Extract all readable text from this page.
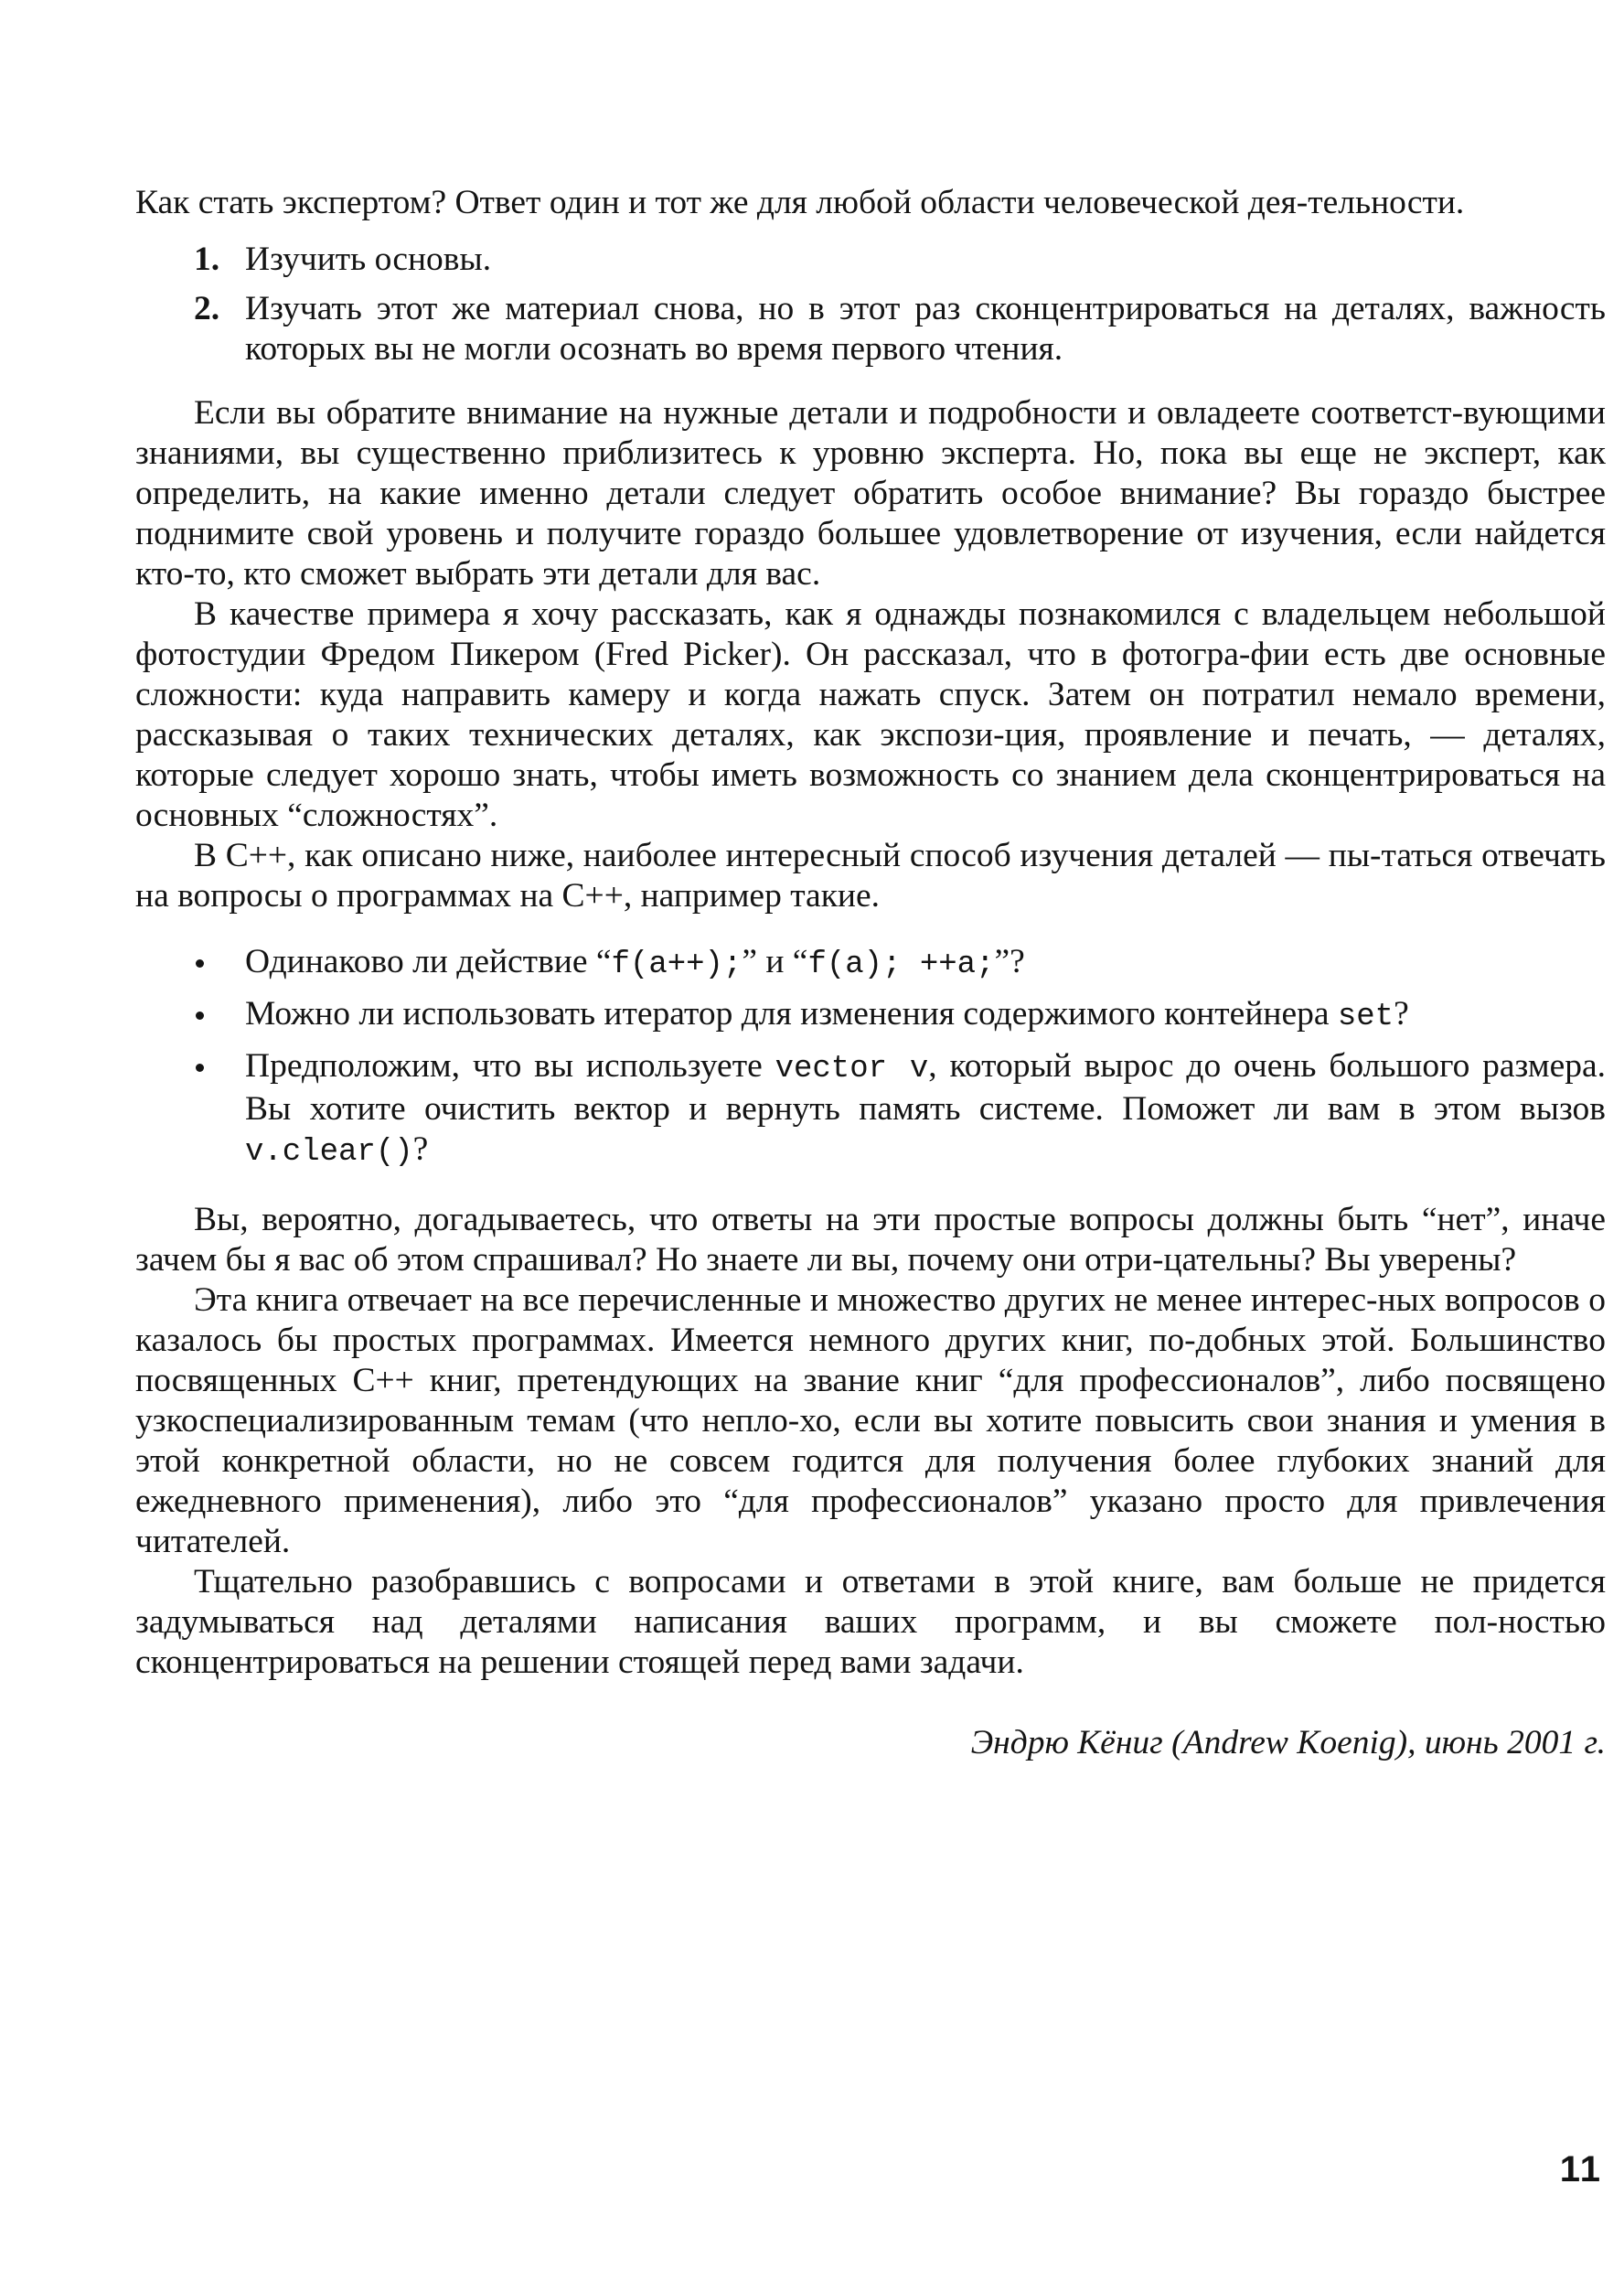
Как стать экспертом? Ответ один и тот же для любой области человеческой дея-тельности.

1. Изучить основы.
2. Изучать этот же материал снова, но в этот раз сконцентрироваться на деталях, важность которых вы не могли осознать во время первого чтения.

Если вы обратите внимание на нужные детали и подробности и овладеете соответст-вующими знаниями, вы существенно приблизитесь к уровню эксперта. Но, пока вы еще не эксперт, как определить, на какие именно детали следует обратить особое внимание? Вы гораздо быстрее поднимите свой уровень и получите гораздо большее удовлетворение от изучения, если найдется кто-то, кто сможет выбрать эти детали для вас.

В качестве примера я хочу рассказать, как я однажды познакомился с владельцем небольшой фотостудии Фредом Пикером (Fred Picker). Он рассказал, что в фотогра-фии есть две основные сложности: куда направить камеру и когда нажать спуск. Затем он потратил немало времени, рассказывая о таких технических деталях, как экспози-ция, проявление и печать, — деталях, которые следует хорошо знать, чтобы иметь возможность со знанием дела сконцентрироваться на основных “сложностях”.

В C++, как описано ниже, наиболее интересный способ изучения деталей — пы-таться отвечать на вопросы о программах на C++, например такие.

Одинаково ли действие “f(a++);” и “f(a); ++a;”?
Можно ли использовать итератор для изменения содержимого контейнера set?
Предположим, что вы используете vector v, который вырос до очень большого размера. Вы хотите очистить вектор и вернуть память системе. Поможет ли вам в этом вызов v.clear()?

Вы, вероятно, догадываетесь, что ответы на эти простые вопросы должны быть “нет”, иначе зачем бы я вас об этом спрашивал? Но знаете ли вы, почему они отри-цательны? Вы уверены?

Эта книга отвечает на все перечисленные и множество других не менее интерес-ных вопросов о казалось бы простых программах. Имеется немного других книг, по-добных этой. Большинство посвященных C++ книг, претендующих на звание книг “для профессионалов”, либо посвящено узкоспециализированным темам (что непло-хо, если вы хотите повысить свои знания и умения в этой конкретной области, но не совсем годится для получения более глубоких знаний для ежедневного применения), либо это “для профессионалов” указано просто для привлечения читателей.

Тщательно разобравшись с вопросами и ответами в этой книге, вам больше не придется задумываться над деталями написания ваших программ, и вы сможете пол-ностью сконцентрироваться на решении стоящей перед вами задачи.

Эндрю Кёниг (Andrew Koenig), июнь 2001 г.
11
